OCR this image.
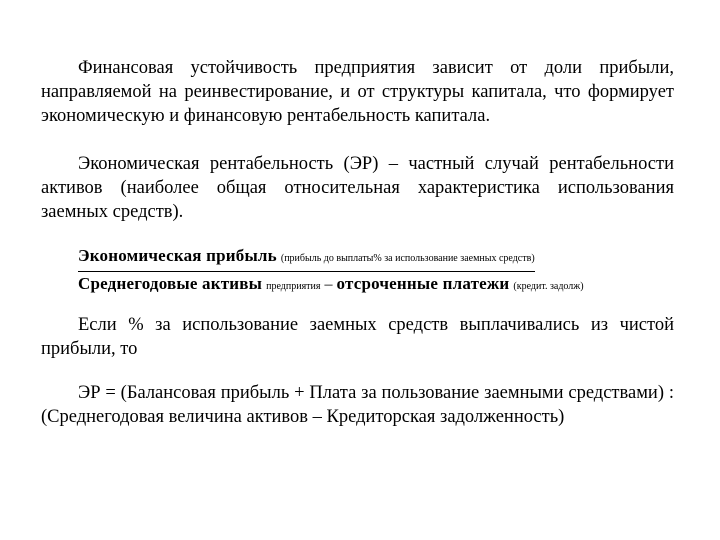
Финансовая устойчивость предприятия зависит от доли прибыли, направляемой на реинвестирование, и от структуры капитала, что формирует экономическую и финансовую рентабельность капитала.
Экономическая рентабельность (ЭР) – частный случай рентабельности активов (наиболее общая относительная характеристика использования заемных средств).
Экономическая прибыль (прибыль до выплаты% за использование заемных средств)
Среднегодовые активы предприятия – отсроченные платежи (кредит. задолж)
Если % за использование заемных средств выплачивались из чистой прибыли, то
ЭР = (Балансовая прибыль + Плата за пользование заемными средствами) : (Среднегодовая величина активов – Кредиторская задолженность)
